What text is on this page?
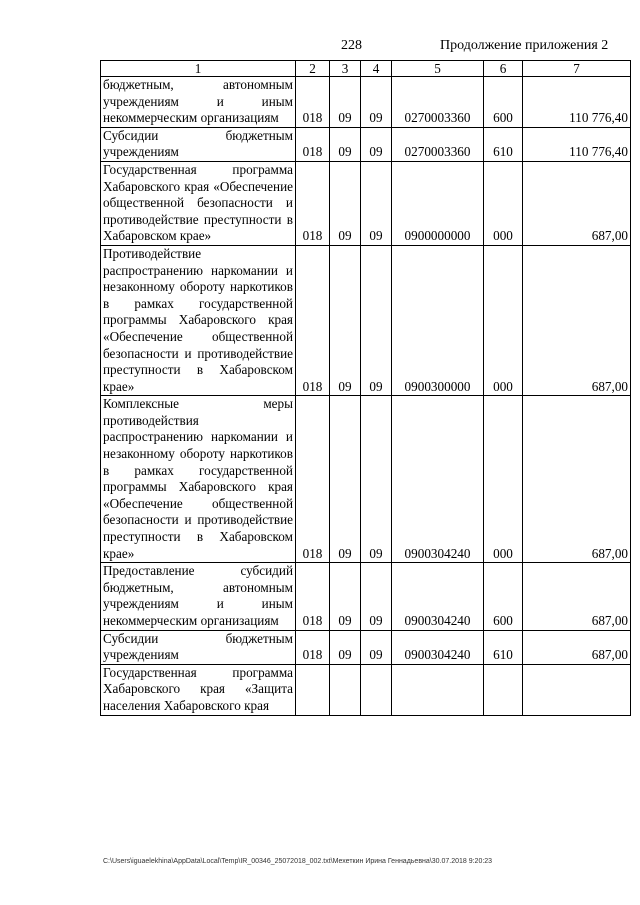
228	Продолжение приложения 2
1	2	3	4	5	6	7
бюджетным, автономным учреждениям и иным некоммерческим организациям	018	09	09	0270003360	600	110 776,40
Субсидии бюджетным учреждениям	018	09	09	0270003360	610	110 776,40
Государственная программа Хабаровского края «Обеспечение общественной безопасности и противодействие преступности в Хабаровском крае»	018	09	09	0900000000	000	687,00
Противодействие распространению наркомании и незаконному обороту наркотиков в рамках государственной программы Хабаровского края «Обеспечение общественной безопасности и противодействие преступности в Хабаровском крае»	018	09	09	0900300000	000	687,00
Комплексные меры противодействия распространению наркомании и незаконному обороту наркотиков в рамках государственной программы Хабаровского края «Обеспечение общественной безопасности и противодействие преступности в Хабаровском крае»	018	09	09	0900304240	000	687,00
Предоставление субсидий бюджетным, автономным учреждениям и иным некоммерческим организациям	018	09	09	0900304240	600	687,00
Субсидии бюджетным учреждениям	018	09	09	0900304240	610	687,00
Государственная программа Хабаровского края «Защита населения Хабаровского края						
C:\Users\iguaelekhina\AppData\Local\Temp\IR_00346_25072018_002.txt\Мехеткин Ирина Геннадьевна\30.07.2018 9:20:23
